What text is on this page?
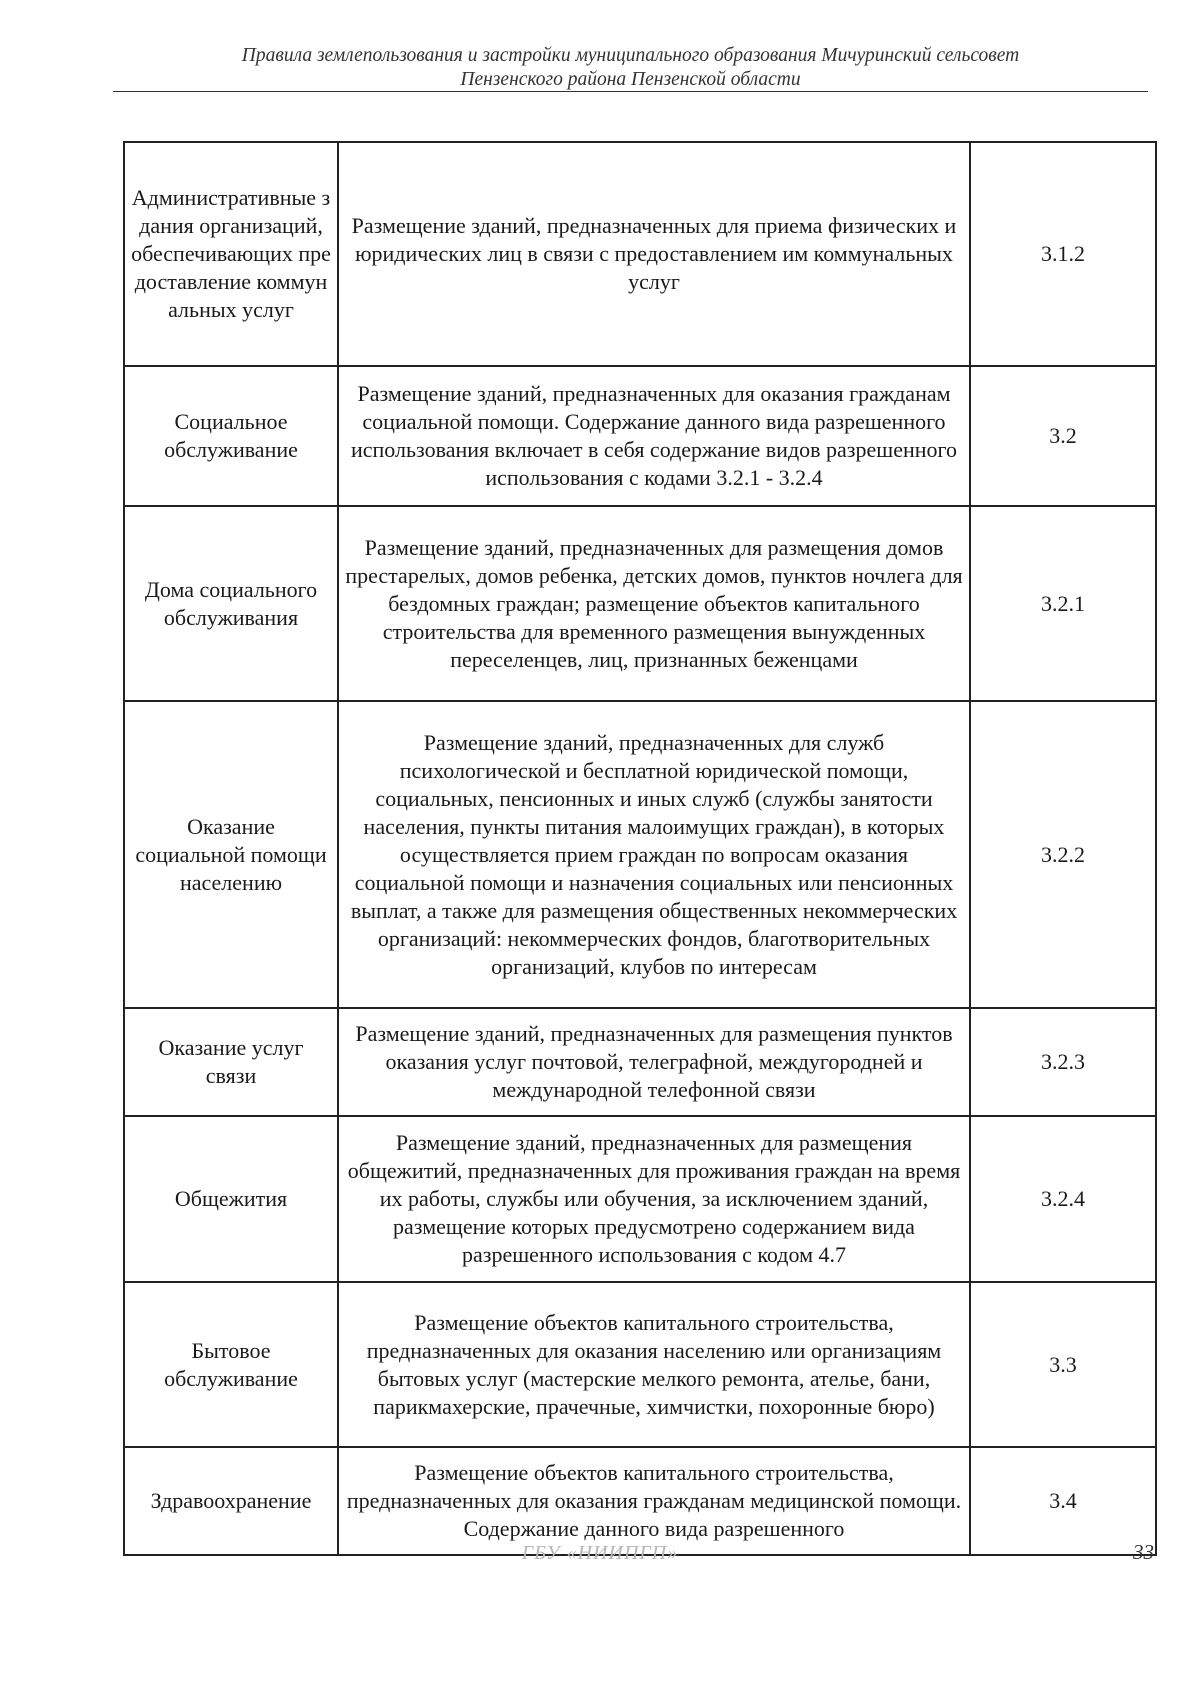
Правила землепользования и застройки муниципального образования Мичуринский сельсовет
Пензенского района Пензенской области
Административные здания организаций, обеспечивающих предоставление коммунальных услуг	Размещение зданий, предназначенных для приема физических и юридических лиц в связи с предоставлением им коммунальных услуг	3.1.2
Социальное обслуживание	Размещение зданий, предназначенных для оказания гражданам социальной помощи. Содержание данного вида разрешенного использования включает в себя содержание видов разрешенного использования с кодами 3.2.1 - 3.2.4	3.2
Дома социального обслуживания	Размещение зданий, предназначенных для размещения домов престарелых, домов ребенка, детских домов, пунктов ночлега для бездомных граждан; размещение объектов капитального строительства для временного размещения вынужденных переселенцев, лиц, признанных беженцами	3.2.1
Оказание социальной помощи населению	Размещение зданий, предназначенных для служб психологической и бесплатной юридической помощи, социальных, пенсионных и иных служб (службы занятости населения, пункты питания малоимущих граждан), в которых осуществляется прием граждан по вопросам оказания социальной помощи и назначения социальных или пенсионных выплат, а также для размещения общественных некоммерческих организаций: некоммерческих фондов, благотворительных организаций, клубов по интересам	3.2.2
Оказание услуг связи	Размещение зданий, предназначенных для размещения пунктов оказания услуг почтовой, телеграфной, междугородней и международной телефонной связи	3.2.3
Общежития	Размещение зданий, предназначенных для размещения общежитий, предназначенных для проживания граждан на время их работы, службы или обучения, за исключением зданий, размещение которых предусмотрено содержанием вида разрешенного использования с кодом 4.7	3.2.4
Бытовое обслуживание	Размещение объектов капитального строительства, предназначенных для оказания населению или организациям бытовых услуг (мастерские мелкого ремонта, ателье, бани, парикмахерские, прачечные, химчистки, похоронные бюро)	3.3
Здравоохранение	Размещение объектов капитального строительства, предназначенных для оказания гражданам медицинской помощи. Содержание данного вида разрешенного	3.4
ГБУ «НИИПГП»	33
